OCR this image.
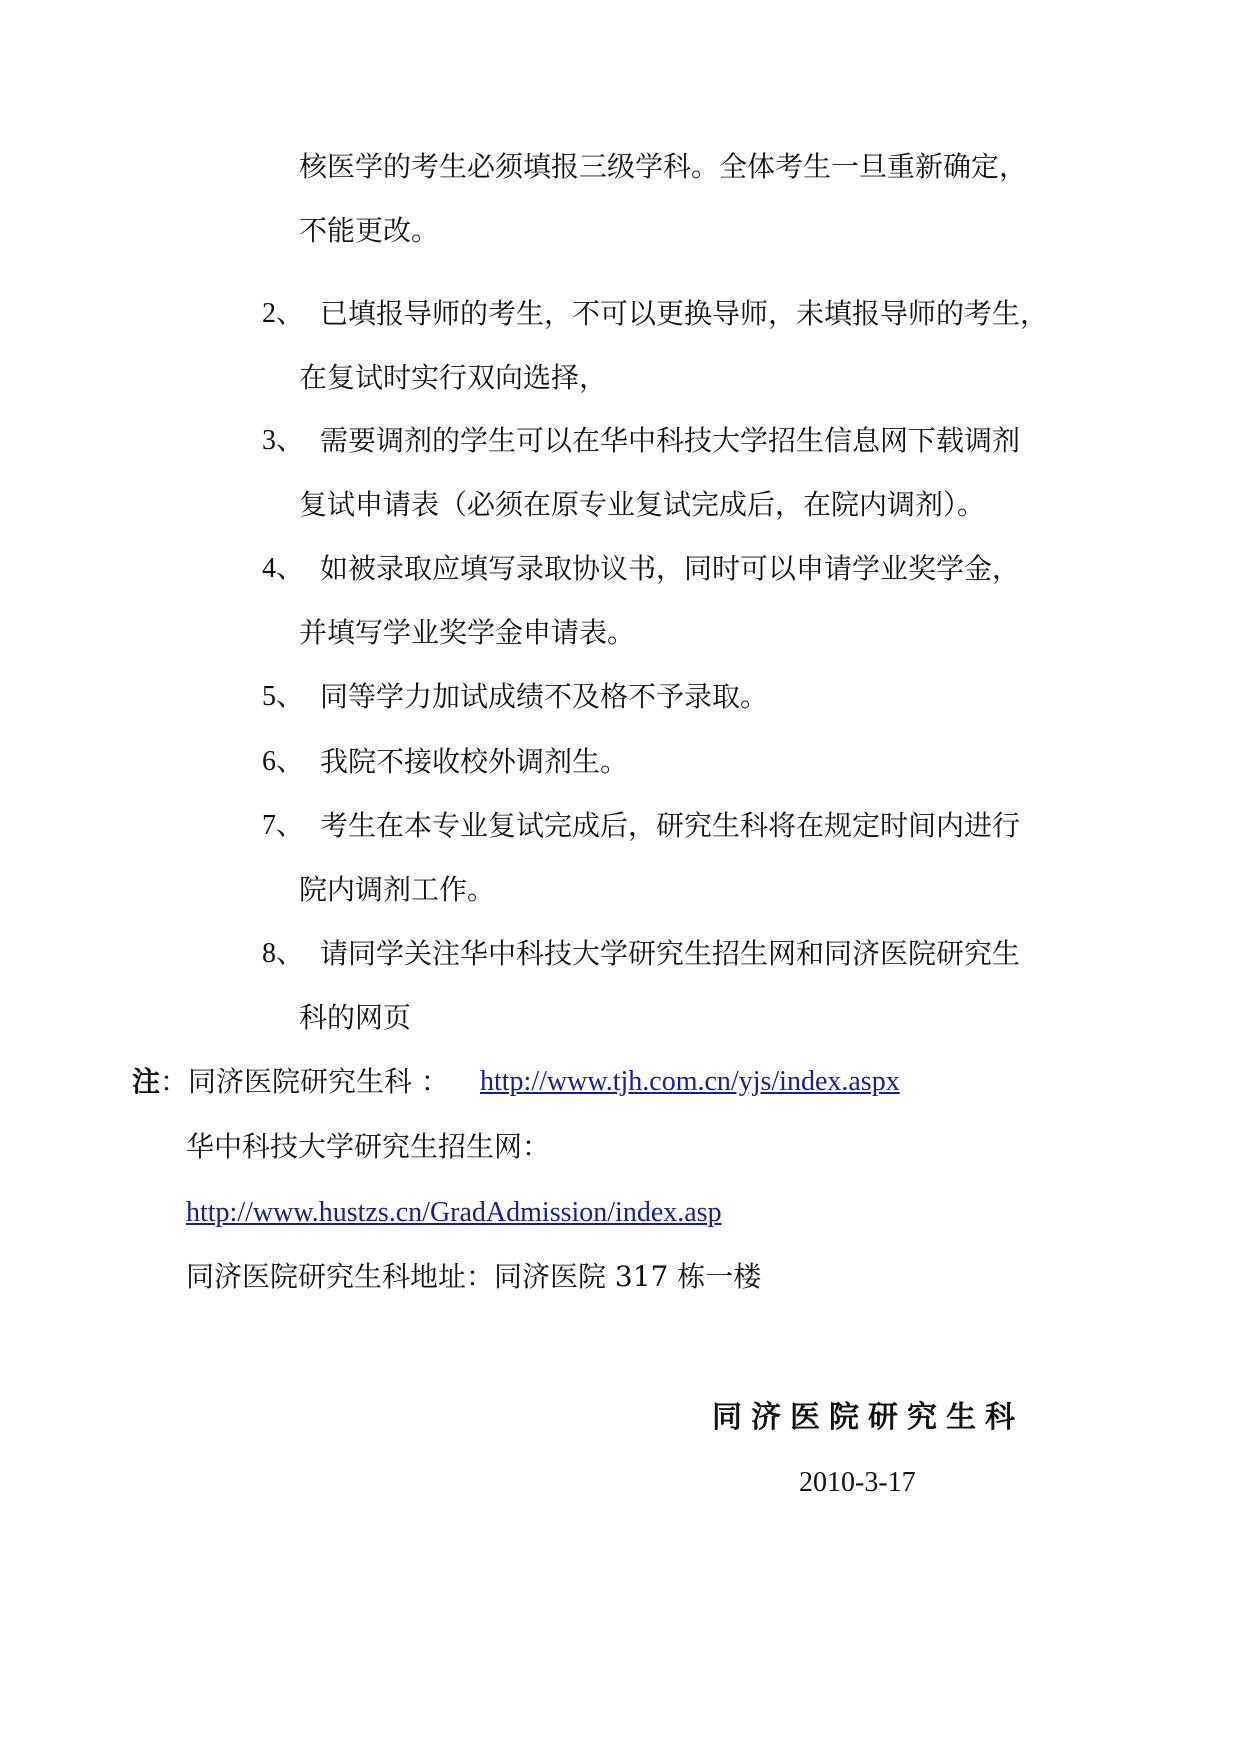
核医学的考生必须填报三级学科。全体考生一旦重新确定，
不能更改。
2、 已填报导师的考生，不可以更换导师，未填报导师的考生，
在复试时实行双向选择，
3、 需要调剂的学生可以在华中科技大学招生信息网下载调剂
复试申请表（必须在原专业复试完成后，在院内调剂）。
4、 如被录取应填写录取协议书，同时可以申请学业奖学金，
并填写学业奖学金申请表。
5、 同等学力加试成绩不及格不予录取。
6、 我院不接收校外调剂生。
7、 考生在本专业复试完成后，研究生科将在规定时间内进行
院内调剂工作。
8、 请同学关注华中科技大学研究生招生网和同济医院研究生
科的网页
注：同济医院研究生科 ： http://www.tjh.com.cn/yjs/index.aspx
华中科技大学研究生招生网：
http://www.hustzs.cn/GradAdmission/index.asp
同济医院研究生科地址：同济医院 317 栋一楼
同济医院研究生科
2010-3-17
